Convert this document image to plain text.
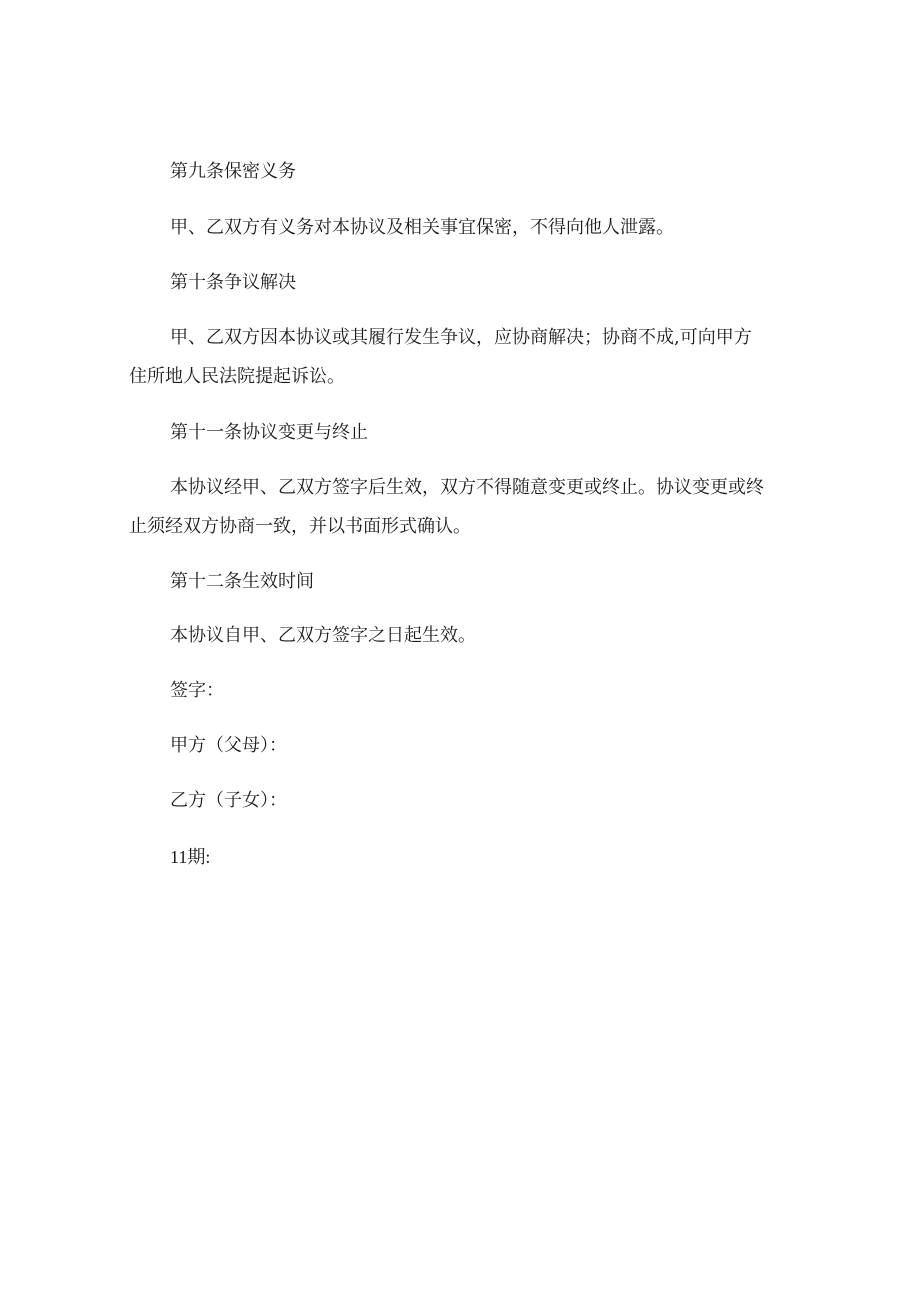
第九条保密义务
甲、乙双方有义务对本协议及相关事宜保密，不得向他人泄露。
第十条争议解决
甲、乙双方因本协议或其履行发生争议，应协商解决；协商不成,可向甲方
住所地人民法院提起诉讼。
第十一条协议变更与终止
本协议经甲、乙双方签字后生效，双方不得随意变更或终止。协议变更或终
止须经双方协商一致，并以书面形式确认。
第十二条生效时间
本协议自甲、乙双方签字之日起生效。
签字：
甲方（父母）：
乙方（子女）：
11期:
